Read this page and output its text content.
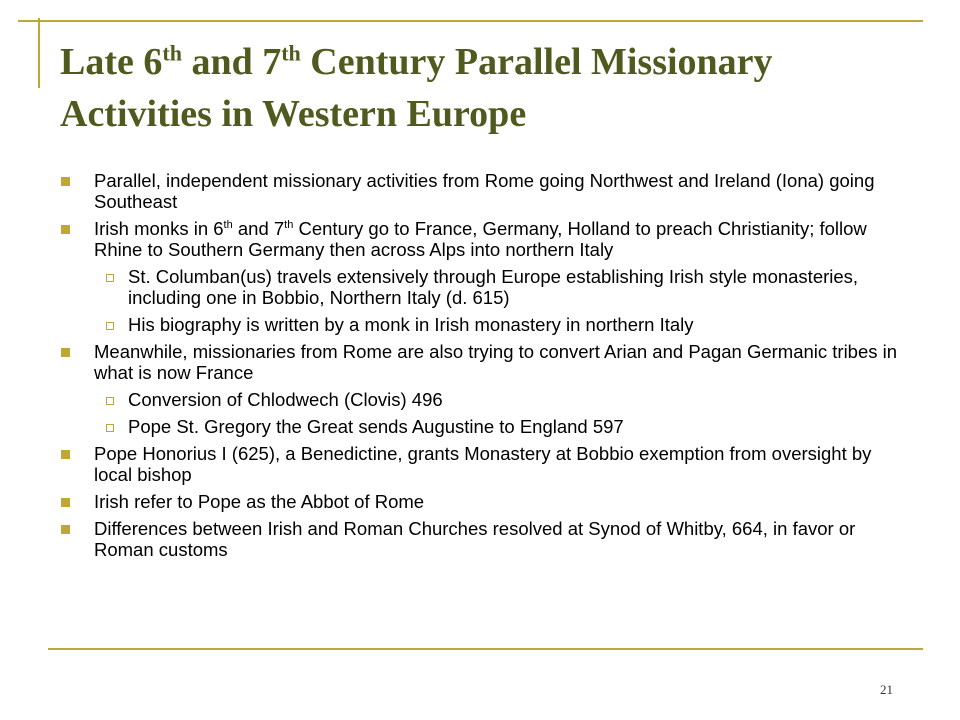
Late 6th and 7th Century Parallel Missionary Activities in Western Europe
Parallel, independent missionary activities from Rome going Northwest and Ireland (Iona) going Southeast
Irish monks in 6th and 7th Century go to France, Germany, Holland to preach Christianity; follow Rhine to Southern Germany then across Alps into northern Italy
St. Columban(us) travels extensively through Europe establishing Irish style monasteries, including one in Bobbio, Northern Italy (d. 615)
His biography is written by a monk in Irish monastery in northern Italy
Meanwhile, missionaries from Rome are also trying to convert Arian and Pagan Germanic tribes in what is now France
Conversion of Chlodwech (Clovis) 496
Pope St. Gregory the Great sends Augustine to England 597
Pope Honorius I (625), a Benedictine, grants Monastery at Bobbio exemption from oversight by local bishop
Irish refer to Pope as the Abbot of Rome
Differences between Irish and Roman Churches resolved at Synod of Whitby, 664, in favor or Roman customs
21
